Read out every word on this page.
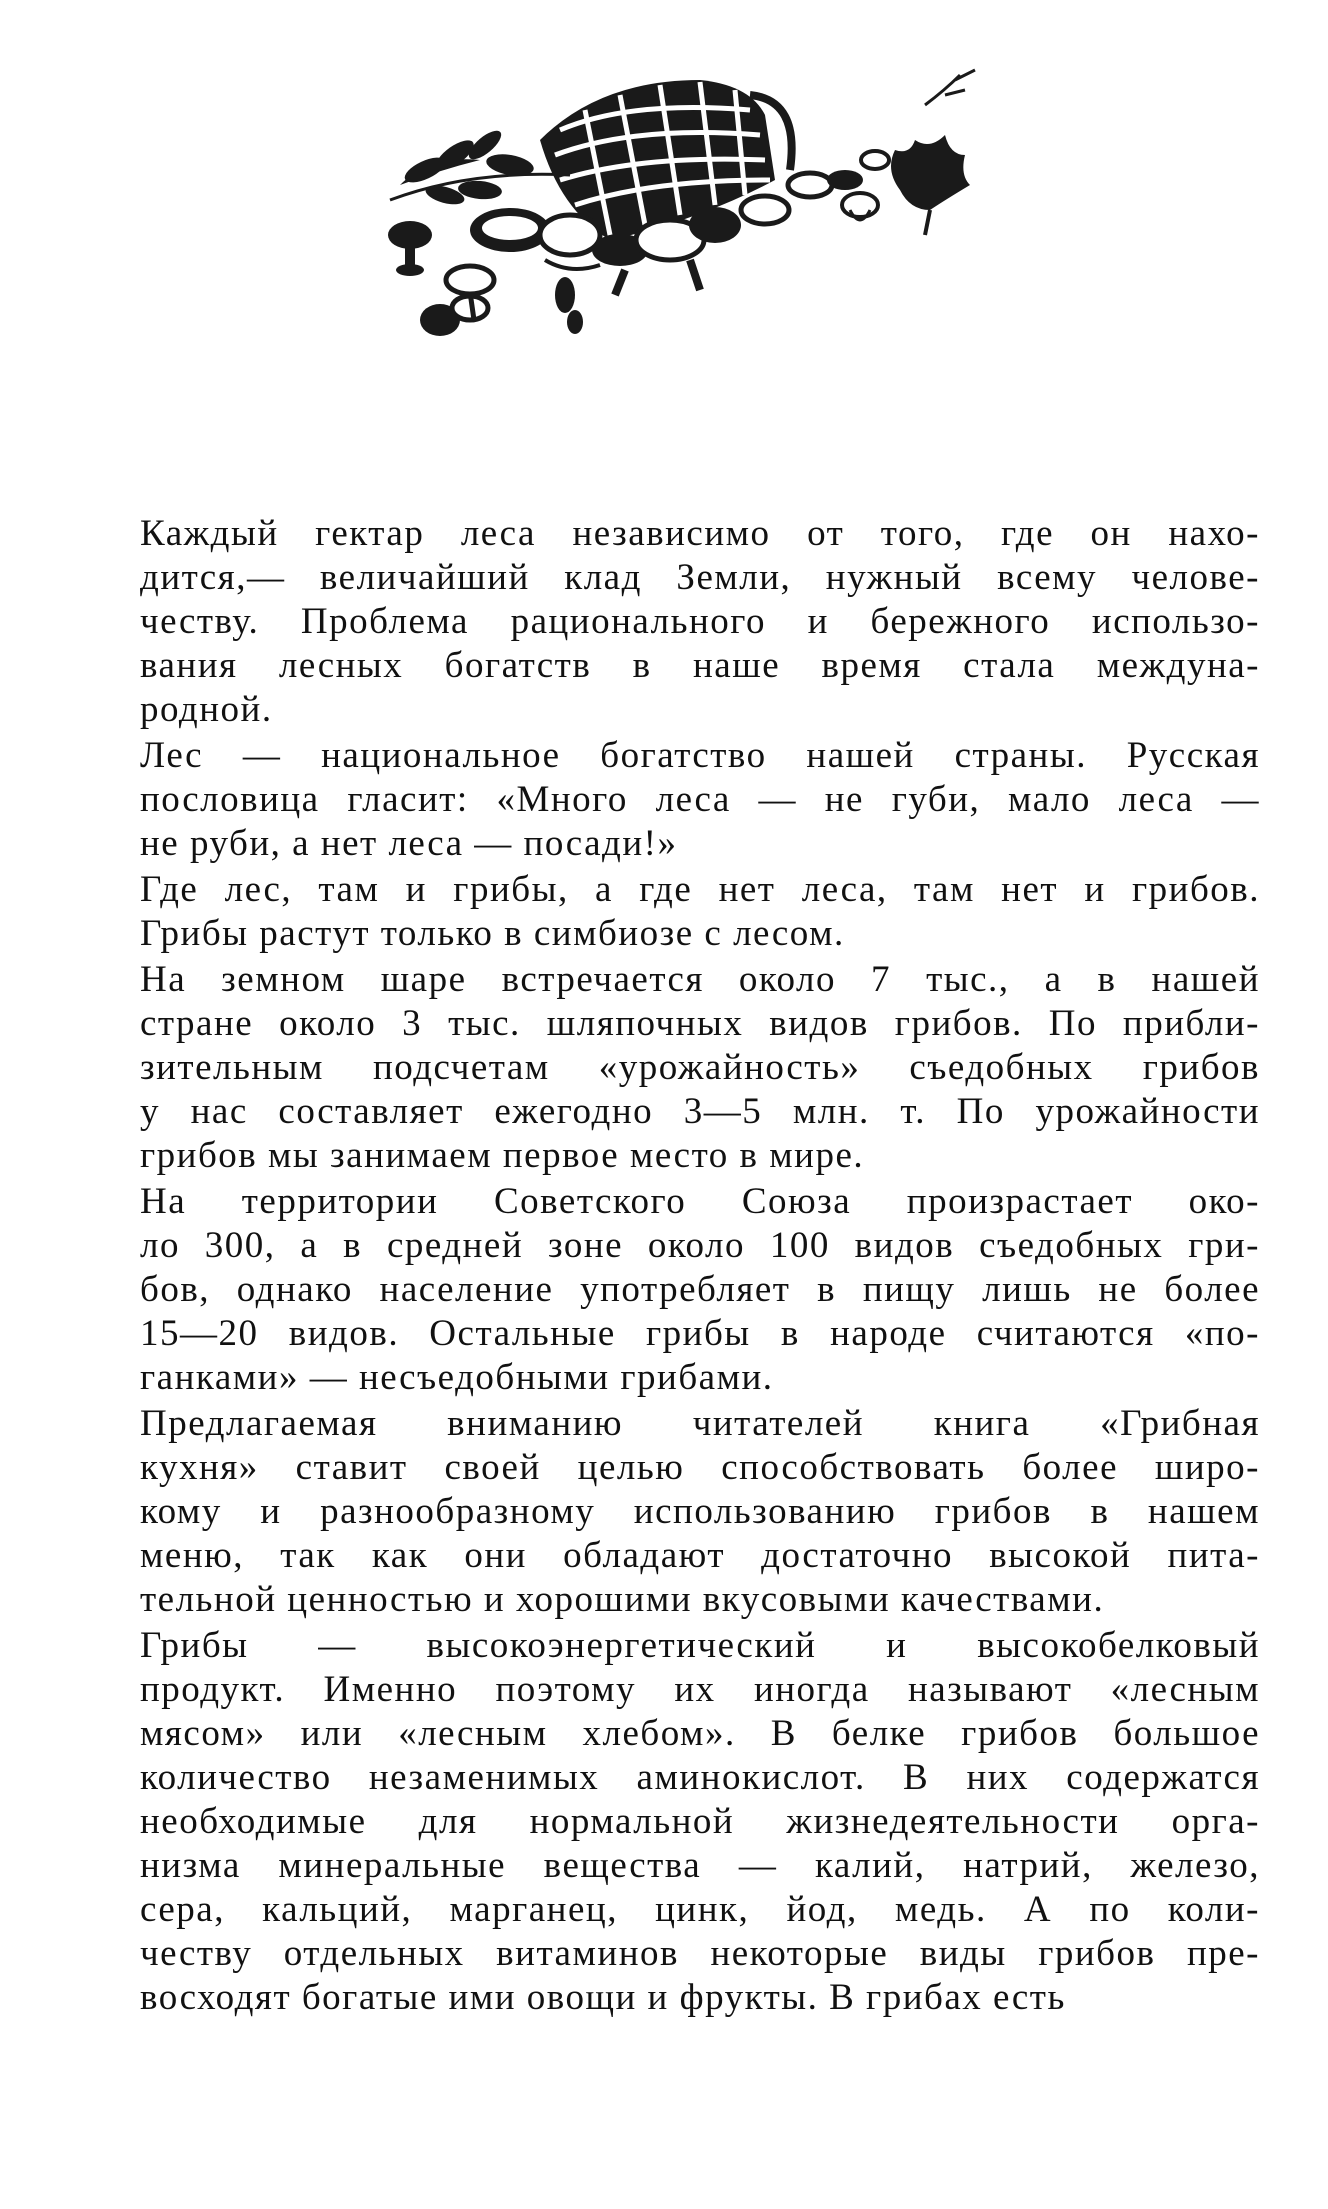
Каждый гектар леса независимо от того, где он нахо-
дится,— величайший клад Земли, нужный всему челове-
честву. Проблема рационального и бережного использо-
вания лесных богатств в наше время стала междуна-
родной.
Лес — национальное богатство нашей страны. Русская
пословица гласит: «Много леса — не губи, мало леса —
не руби, а нет леса — посади!»
Где лес, там и грибы, а где нет леса, там нет и грибов.
Грибы растут только в симбиозе с лесом.
На земном шаре встречается около 7 тыс., а в нашей
стране около 3 тыс. шляпочных видов грибов. По прибли-
зительным подсчетам «урожайность» съедобных грибов
у нас составляет ежегодно 3—5 млн. т. По урожайности
грибов мы занимаем первое место в мире.
На территории Советского Союза произрастает око-
ло 300, а в средней зоне около 100 видов съедобных гри-
бов, однако население употребляет в пищу лишь не более
15—20 видов. Остальные грибы в народе считаются «по-
ганками» — несъедобными грибами.
Предлагаемая вниманию читателей книга «Грибная
кухня» ставит своей целью способствовать более широ-
кому и разнообразному использованию грибов в нашем
меню, так как они обладают достаточно высокой пита-
тельной ценностью и хорошими вкусовыми качествами.
Грибы — высокоэнергетический и высокобелковый
продукт. Именно поэтому их иногда называют «лесным
мясом» или «лесным хлебом». В белке грибов большое
количество незаменимых аминокислот. В них содержатся
необходимые для нормальной жизнедеятельности орга-
низма минеральные вещества — калий, натрий, железо,
сера, кальций, марганец, цинк, йод, медь. А по коли-
честву отдельных витаминов некоторые виды грибов пре-
восходят богатые ими овощи и фрукты. В грибах есть
